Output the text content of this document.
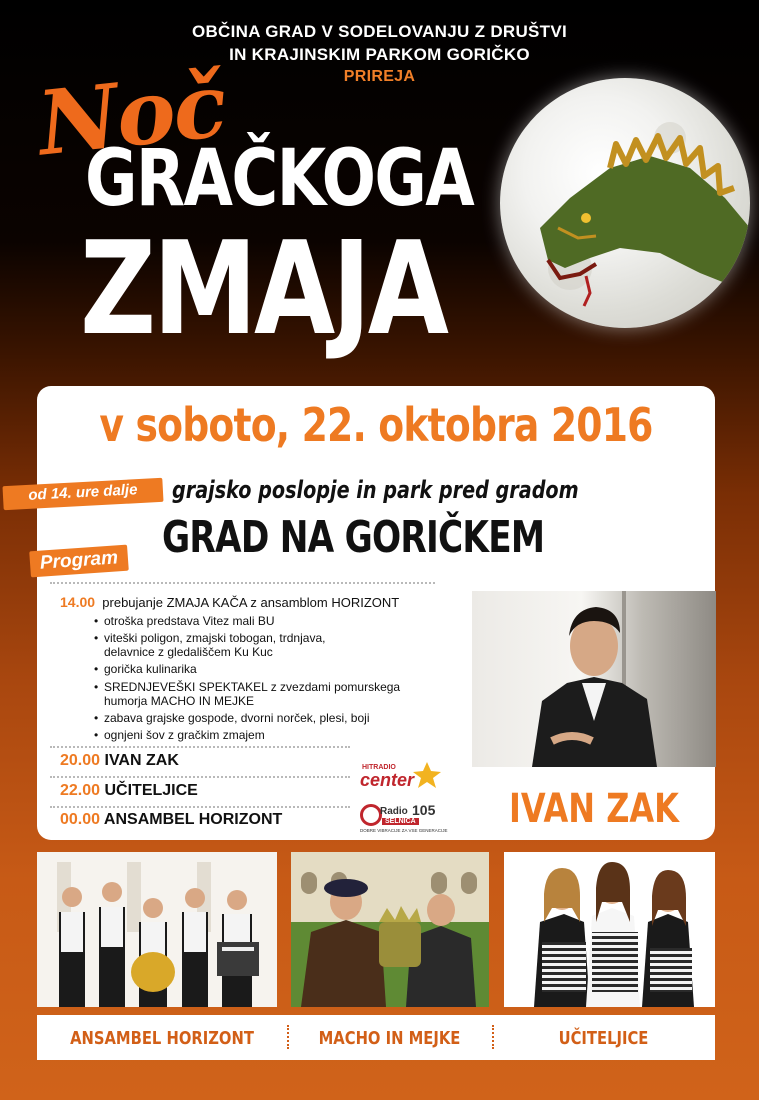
OBČINA GRAD V SODELOVANJU Z DRUŠTVI
IN KRAJINSKIM PARKOM GORIČKO
PRIREJA
Noč
GRAČKOGA
ZMAJA
v soboto, 22. oktobra 2016
od 14. ure dalje	grajsko poslopje in park pred gradom
GRAD NA GORIČKEM
Program
14.00 prebujanje ZMAJA KAČA z ansamblom HORIZONT
• otroška predstava Vitez mali BU
• viteški poligon, zmajski tobogan, trdnjava,
delavnice z gledališčem Ku Kuc
• gorička kulinarika
• SREDNJEVEŠKI SPEKTAKEL z zvezdami pomurskega
humorja MACHO IN MEJKE
• zabava grajske gospode, dvorni norček, plesi, boji
• ognjeni šov z gračkim zmajem
20.00 IVAN ZAK
22.00 UČITELJICE
00.00 ANSAMBEL HORIZONT
HITRADIO
center
Radio 105
SELNICA
DOBRE VIBRACIJE ZA VSE GENERACIJE	IVAN ZAK
ANSAMBEL HORIZONT	MACHO IN MEJKE	UČITELJICE
